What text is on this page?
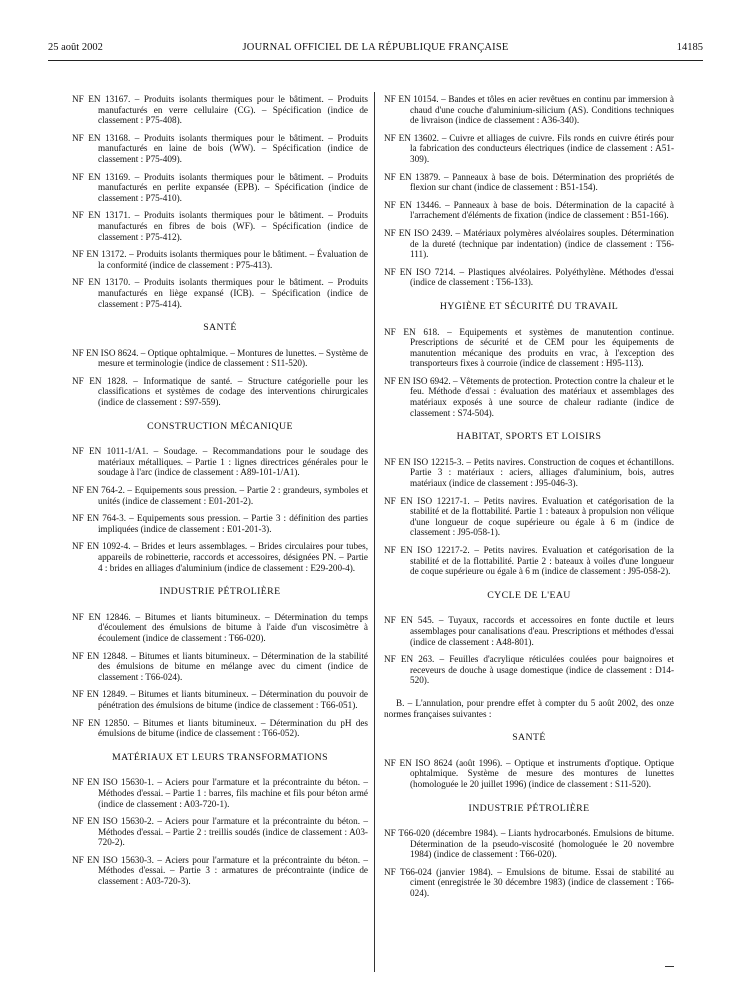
25 août 2002	JOURNAL OFFICIEL DE LA RÉPUBLIQUE FRANÇAISE	14185
NF EN 13167. – Produits isolants thermiques pour le bâtiment. – Produits manufacturés en verre cellulaire (CG). – Spécification (indice de classement : P75-408).
NF EN 13168. – Produits isolants thermiques pour le bâtiment. – Produits manufacturés en laine de bois (WW). – Spécification (indice de classement : P75-409).
NF EN 13169. – Produits isolants thermiques pour le bâtiment. – Produits manufacturés en perlite expansée (EPB). – Spécification (indice de classement : P75-410).
NF EN 13171. – Produits isolants thermiques pour le bâtiment. – Produits manufacturés en fibres de bois (WF). – Spécification (indice de classement : P75-412).
NF EN 13172. – Produits isolants thermiques pour le bâtiment. – Évaluation de la conformité (indice de classement : P75-413).
NF EN 13170. – Produits isolants thermiques pour le bâtiment. – Produits manufacturés en liège expansé (ICB). – Spécification (indice de classement : P75-414).
SANTÉ
NF EN ISO 8624. – Optique ophtalmique. – Montures de lunettes. – Système de mesure et terminologie (indice de classement : S11-520).
NF EN 1828. – Informatique de santé. – Structure catégorielle pour les classifications et systèmes de codage des interventions chirurgicales (indice de classement : S97-559).
CONSTRUCTION MÉCANIQUE
NF EN 1011-1/A1. – Soudage. – Recommandations pour le soudage des matériaux métalliques. – Partie 1 : lignes directrices générales pour le soudage à l'arc (indice de classement : A89-101-1/A1).
NF EN 764-2. – Equipements sous pression. – Partie 2 : grandeurs, symboles et unités (indice de classement : E01-201-2).
NF EN 764-3. – Equipements sous pression. – Partie 3 : définition des parties impliquées (indice de classement : E01-201-3).
NF EN 1092-4. – Brides et leurs assemblages. – Brides circulaires pour tubes, appareils de robinetterie, raccords et accessoires, désignées PN. – Partie 4 : brides en alliages d'aluminium (indice de classement : E29-200-4).
INDUSTRIE PÉTROLIÈRE
NF EN 12846. – Bitumes et liants bitumineux. – Détermination du temps d'écoulement des émulsions de bitume à l'aide d'un viscosimètre à écoulement (indice de classement : T66-020).
NF EN 12848. – Bitumes et liants bitumineux. – Détermination de la stabilité des émulsions de bitume en mélange avec du ciment (indice de classement : T66-024).
NF EN 12849. – Bitumes et liants bitumineux. – Détermination du pouvoir de pénétration des émulsions de bitume (indice de classement : T66-051).
NF EN 12850. – Bitumes et liants bitumineux. – Détermination du pH des émulsions de bitume (indice de classement : T66-052).
MATÉRIAUX ET LEURS TRANSFORMATIONS
NF EN ISO 15630-1. – Aciers pour l'armature et la précontrainte du béton. – Méthodes d'essai. – Partie 1 : barres, fils machine et fils pour béton armé (indice de classement : A03-720-1).
NF EN ISO 15630-2. – Aciers pour l'armature et la précontrainte du béton. – Méthodes d'essai. – Partie 2 : treillis soudés (indice de classement : A03-720-2).
NF EN ISO 15630-3. – Aciers pour l'armature et la précontrainte du béton. – Méthodes d'essai. – Partie 3 : armatures de précontrainte (indice de classement : A03-720-3).
NF EN 10154. – Bandes et tôles en acier revêtues en continu par immersion à chaud d'une couche d'aluminium-silicium (AS). Conditions techniques de livraison (indice de classement : A36-340).
NF EN 13602. – Cuivre et alliages de cuivre. Fils ronds en cuivre étirés pour la fabrication des conducteurs électriques (indice de classement : A51-309).
NF EN 13879. – Panneaux à base de bois. Détermination des propriétés de flexion sur chant (indice de classement : B51-154).
NF EN 13446. – Panneaux à base de bois. Détermination de la capacité à l'arrachement d'éléments de fixation (indice de classement : B51-166).
NF EN ISO 2439. – Matériaux polymères alvéolaires souples. Détermination de la dureté (technique par indentation) (indice de classement : T56-111).
NF EN ISO 7214. – Plastiques alvéolaires. Polyéthylène. Méthodes d'essai (indice de classement : T56-133).
HYGIÈNE ET SÉCURITÉ DU TRAVAIL
NF EN 618. – Equipements et systèmes de manutention continue. Prescriptions de sécurité et de CEM pour les équipements de manutention mécanique des produits en vrac, à l'exception des transporteurs fixes à courroie (indice de classement : H95-113).
NF EN ISO 6942. – Vêtements de protection. Protection contre la chaleur et le feu. Méthode d'essai : évaluation des matériaux et assemblages des matériaux exposés à une source de chaleur radiante (indice de classement : S74-504).
HABITAT, SPORTS ET LOISIRS
NF EN ISO 12215-3. – Petits navires. Construction de coques et échantillons. Partie 3 : matériaux : aciers, alliages d'aluminium, bois, autres matériaux (indice de classement : J95-046-3).
NF EN ISO 12217-1. – Petits navires. Evaluation et catégorisation de la stabilité et de la flottabilité. Partie 1 : bateaux à propulsion non vélique d'une longueur de coque supérieure ou égale à 6 m (indice de classement : J95-058-1).
NF EN ISO 12217-2. – Petits navires. Evaluation et catégorisation de la stabilité et de la flottabilité. Partie 2 : bateaux à voiles d'une longueur de coque supérieure ou égale à 6 m (indice de classement : J95-058-2).
CYCLE DE L'EAU
NF EN 545. – Tuyaux, raccords et accessoires en fonte ductile et leurs assemblages pour canalisations d'eau. Prescriptions et méthodes d'essai (indice de classement : A48-801).
NF EN 263. – Feuilles d'acrylique réticulées coulées pour baignoires et receveurs de douche à usage domestique (indice de classement : D14-520).
B. – L'annulation, pour prendre effet à compter du 5 août 2002, des onze normes françaises suivantes :
SANTÉ
NF EN ISO 8624 (août 1996). – Optique et instruments d'optique. Optique ophtalmique. Système de mesure des montures de lunettes (homologuée le 20 juillet 1996) (indice de classement : S11-520).
INDUSTRIE PÉTROLIÈRE
NF T66-020 (décembre 1984). – Liants hydrocarbonés. Emulsions de bitume. Détermination de la pseudo-viscosité (homologuée le 20 novembre 1984) (indice de classement : T66-020).
NF T66-024 (janvier 1984). – Emulsions de bitume. Essai de stabilité au ciment (enregistrée le 30 décembre 1983) (indice de classement : T66-024).
